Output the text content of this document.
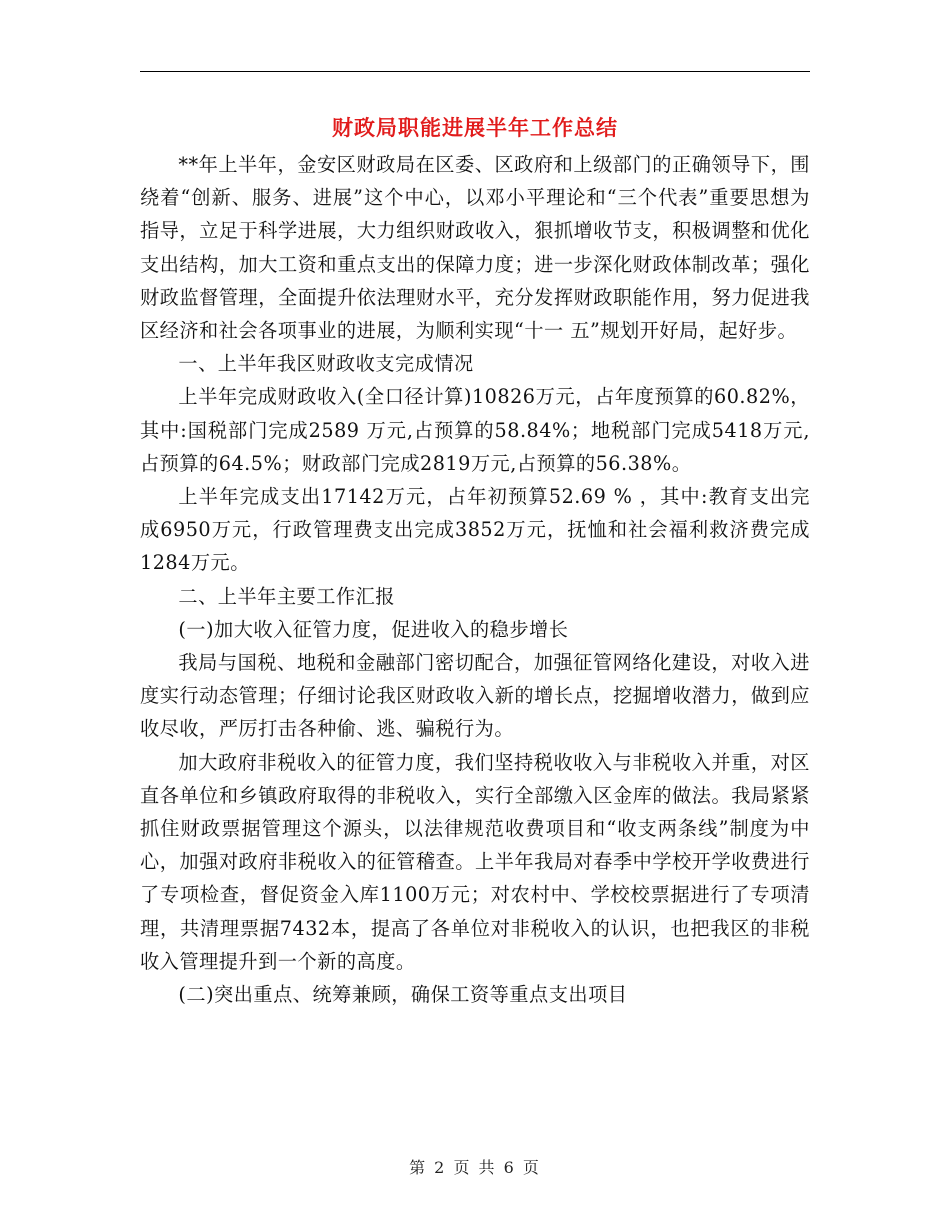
财政局职能进展半年工作总结

**年上半年，金安区财政局在区委、区政府和上级部门的正确领导下，围绕着“创新、服务、进展”这个中心，以邓小平理论和“三个代表”重要思想为指导，立足于科学进展，大力组织财政收入，狠抓增收节支，积极调整和优化支出结构，加大工资和重点支出的保障力度；进一步深化财政体制改革；强化财政监督管理，全面提升依法理财水平，充分发挥财政职能作用，努力促进我区经济和社会各项事业的进展，为顺利实现“十一 五”规划开好局，起好步。

一、上半年我区财政收支完成情况

上半年完成财政收入(全口径计算)10826万元，占年度预算的60.82%，其中:国税部门完成2589 万元,占预算的58.84%；地税部门完成5418万元,占预算的64.5%；财政部门完成2819万元,占预算的56.38%。

上半年完成支出17142万元，占年初预算52.69 % ，其中:教育支出完成6950万元，行政管理费支出完成3852万元，抚恤和社会福利救济费完成1284万元。

二、上半年主要工作汇报

(一)加大收入征管力度，促进收入的稳步增长

我局与国税、地税和金融部门密切配合，加强征管网络化建设，对收入进度实行动态管理；仔细讨论我区财政收入新的增长点，挖掘增收潜力，做到应收尽收，严厉打击各种偷、逃、骗税行为。

加大政府非税收入的征管力度，我们坚持税收收入与非税收入并重，对区直各单位和乡镇政府取得的非税收入，实行全部缴入区金库的做法。我局紧紧抓住财政票据管理这个源头，以法律规范收费项目和“收支两条线”制度为中心，加强对政府非税收入的征管稽查。上半年我局对春季中学校开学收费进行了专项检查，督促资金入库1100万元；对农村中、学校校票据进行了专项清理，共清理票据7432本，提高了各单位对非税收入的认识，也把我区的非税收入管理提升到一个新的高度。

(二)突出重点、统筹兼顾，确保工资等重点支出项目

第 2 页 共 6 页
